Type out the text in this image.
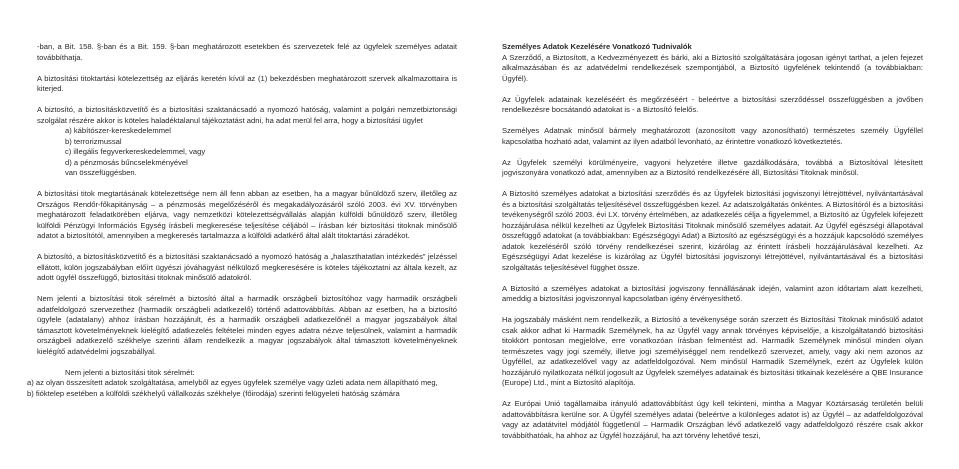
-ban, a Bit. 158. §-ban és a Bit. 159. §-ban meghatározott esetekben és szervezetek felé az ügyfelek személyes adatait továbbíthatja.

A biztosítási titoktartási kötelezettség az eljárás keretén kívül az (1) bekezdésben meghatározott szervek alkalmazottaira is kiterjed.

A biztosító, a biztosításközvetítő és a biztosítási szaktanácsadó a nyomozó hatóság, valamint a polgári nemzetbiztonsági szolgálat részére akkor is köteles haladéktalanul tájékoztatást adni, ha adat merül fel arra, hogy a biztosítási ügylet

a) kábítószer-kereskedelemmel
b) terrorizmussal
c) illegális fegyverkereskedelemmel, vagy
d) a pénzmosás bűncselekményével
van összefüggésben.

A biztosítási titok megtartásának kötelezettsége nem áll fenn abban az esetben, ha a magyar bűnüldöző szerv, illetőleg az Országos Rendőr-főkapitányság – a pénzmosás megelőzéséről és megakadályozásáról szóló 2003. évi XV. törvényben meghatározott feladatkörében eljárva, vagy nemzetközi kötelezettségvállalás alapján külföldi bűnüldöző szerv, illetőleg külföldi Pénzügyi Információs Egység írásbeli megkeresése teljesítése céljából – írásban kér biztosítási titoknak minősülő adatot a biztosítótól, amennyiben a megkeresés tartalmazza a külföldi adatkérő által alált titoktartási záradékot.

A biztosító, a biztosításközvetítő és a biztosítási szaktanácsadó a nyomozó hatóság a „halaszthatatlan intézkedés” jelzéssel ellátott, külön jogszabályban előírt ügyészi jóváhagyást nélkülöző megkeresésére is köteles tájékoztatni az általa kezelt, az adott ügyfél összefüggő, biztosítási titoknak minősülő adatokról.

Nem jelenti a biztosítási titok sérelmét a biztosító által a harmadik országbeli biztosítóhoz vagy harmadik országbeli adatfeldolgozó szervezethez (harmadik országbeli adatkezelő) történő adattovábbítás. Abban az esetben, ha a biztosító ügyfele (adatalany) ahhoz írásban hozzájárult, és a harmadik országbeli adatkezelőnél a magyar jogszabályok által támasztott követelményeknek kielégítő adatkezelés feltételei minden egyes adatra nézve teljesülnek, valamint a harmadik országbeli adatkezelő székhelye szerinti állam rendelkezik a magyar jogszabályok által támasztott követelményeknek kielégítő adatvédelmi jogszabállyal.

Nem jelenti a biztosítási titok sérelmét:

a) az olyan összesített adatok szolgáltatása, amelyből az egyes ügyfelek személye vagy üzleti adata nem állapítható meg,
b) fióktelep esetében a külföldi székhelyű vállalkozás székhelye (főirodája) szerinti felügyeleti hatóság számára

Személyes Adatok Kezelésére Vonatkozó Tudnivalók

A Szerződő, a Biztosított, a Kedvezményezett és bárki, aki a Biztosító szolgáltatására jogosan igényt tarthat, a jelen fejezet alkalmazásában és az adatvédelmi rendelkezések szempontjából, a Biztosító ügyfelének tekintendő (a továbbiakban: Ügyfél).

Az Ügyfelek adatainak kezeléséért és megőrzéséért - beleértve a biztosítási szerződéssel összefüggésben a jövőben rendelkezésre bocsátandó adatokat is - a Biztosító felelős.

Személyes Adatnak minősül bármely meghatározott (azonosított vagy azonosítható) természetes személy Ügyféllel kapcsolatba hozható adat, valamint az ilyen adatból levonható, az érintettre vonatkozó következtetés.

Az Ügyfelek személyi körülményeire, vagyoni helyzetére illetve gazdálkodására, továbbá a Biztosítóval létesített jogviszonyára vonatkozó adat, amennyiben az a Biztosító rendelkezésére áll, Biztosítási Titoknak minősül.

A Biztosító személyes adatokat a biztosítási szerződés és az Ügyfelek biztosítási jogviszonyi létrejöttével, nyilvántartásával és a biztosítási szolgáltatás teljesítésével összefüggésben kezel. Az adatszolgáltatás önkéntes. A Biztosítóról és a biztosítási tevékenységről szóló 2003. évi LX. törvény értelmében, az adatkezelés célja a figyelemmel, a Biztosító az Ügyfelek kifejezett hozzájárulása nélkül kezelheti az Ügyfelek Biztosítási Titoknak minősülő személyes adatait. Az Ügyfél egészségi állapotával összefüggő adatokat (a továbbiakban: Egészségügyi Adat) a Biztosító az egészségügyi és a hozzájuk kapcsolódó személyes adatok kezeléséről szóló törvény rendelkezései szerint, kizárólag az érintett írásbeli hozzájárulásával kezelheti. Az Egészségügyi Adat kezelése is kizárólag az Ügyfél biztosítási jogviszonyi létrejöttével, nyilvántartásával és a biztosítási szolgáltatás teljesítésével függhet össze.

A Biztosító a személyes adatokat a biztosítási jogviszony fennállásának idején, valamint azon időtartam alatt kezelheti, ameddig a biztosítási jogviszonnyal kapcsolatban igény érvényesíthető.

Ha jogszabály másként nem rendelkezik, a Biztosító a tevékenysége során szerzett és Biztosítási Titoknak minősülő adatot csak akkor adhat ki Harmadik Személynek, ha az Ügyfél vagy annak törvényes képviselője, a kiszolgáltatandó biztosítási titokkört pontosan megjelölve, erre vonatkozóan írásban felmentést ad. Harmadik Személynek minősül minden olyan természetes vagy jogi személy, illetve jogi személyiséggel nem rendelkező szervezet, amely, vagy aki nem azonos az Ügyféllel, az adatkezelővel vagy az adatfeldolgozóval. Nem minősül Harmadik Személynek, ezért az Ügyfelek külön hozzájáruló nyilatkozata nélkül jogosult az Ügyfelek személyes adatainak és biztosítási titkainak kezelésére a QBE Insurance (Europe) Ltd., mint a Biztosító alapítója.

Az Európai Unió tagállamaiba irányuló adattovábbítást úgy kell tekinteni, mintha a Magyar Köztársaság területén belüli adattovábbításra kerülne sor. A Ügyfél személyes adatai (beleértve a különleges adatot is) az Ügyfél – az adatfeldolgozóval vagy az adatátvitel módjától függetlenül – Harmadik Országban lévő adatkezelő vagy adatfeldolgozó részére csak akkor továbbíthatóak, ha ahhoz az Ügyfél hozzájárul, ha azt törvény lehetővé teszi,
